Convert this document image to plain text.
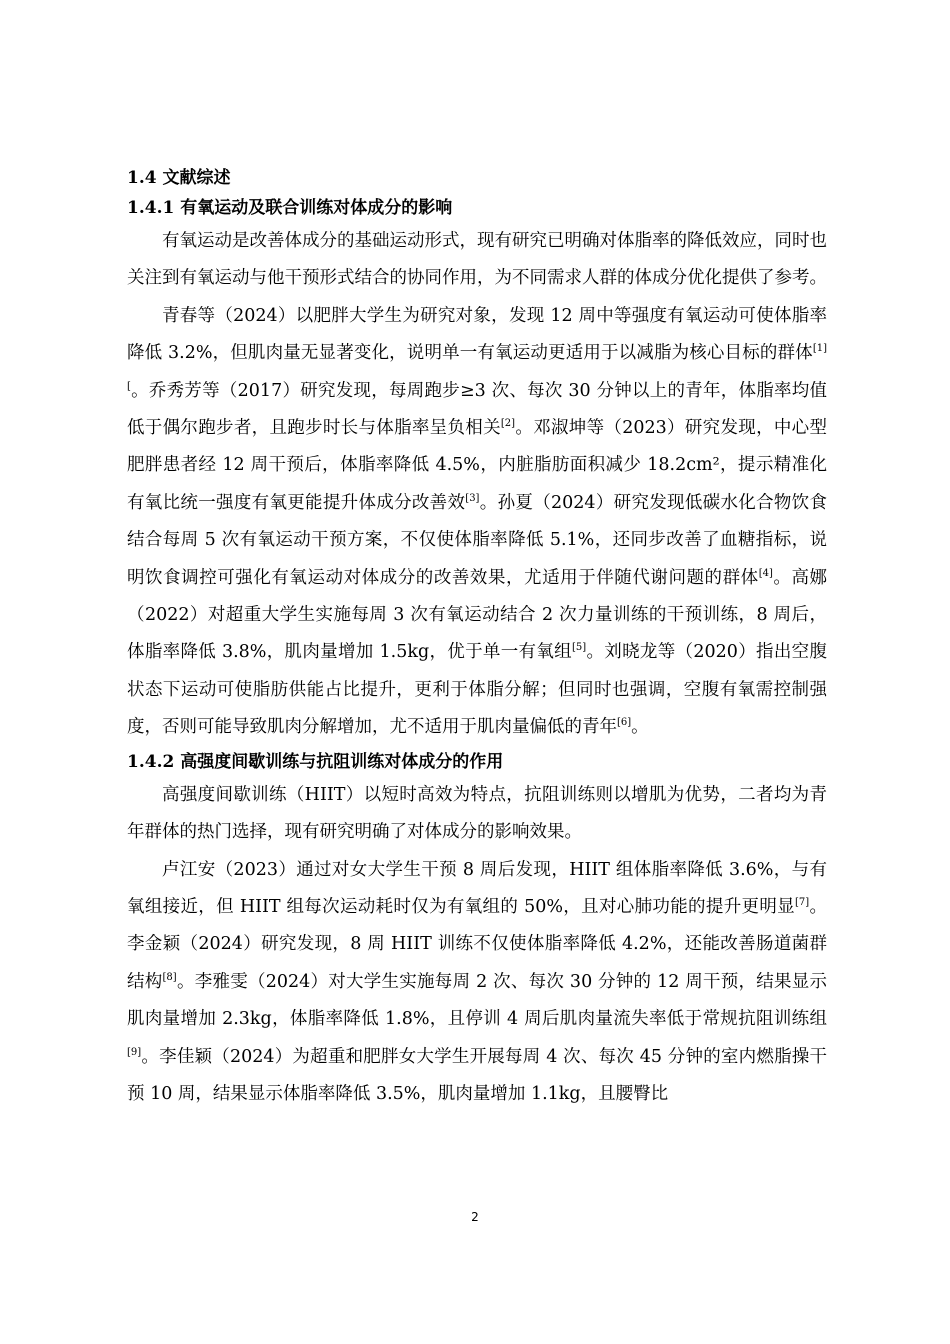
1.4 文献综述
1.4.1 有氧运动及联合训练对体成分的影响

有氧运动是改善体成分的基础运动形式，现有研究已明确对体脂率的降低效应，同时也关注到有氧运动与他干预形式结合的协同作用，为不同需求人群的体成分优化提供了参考。

青春等（2024）以肥胖大学生为研究对象，发现 12 周中等强度有氧运动可使体脂率降低 3.2%，但肌肉量无显著变化，说明单一有氧运动更适用于以减脂为核心目标的群体$^{[1][}$。乔秀芳等（2017）研究发现，每周跑步≥3 次、每次 30 分钟以上的青年，体脂率均值低于偶尔跑步者，且跑步时长与体脂率呈负相关[2]。邓淑坤等（2023）研究发现，中心型肥胖患者经 12 周干预后，体脂率降低 4.5%，内脏脂肪面积减少 18.2cm²，提示精准化有氧比统一强度有氧更能提升体成分改善效[3]。孙夏（2024）研究发现低碳水化合物饮食结合每周 5 次有氧运动干预方案，不仅使体脂率降低 5.1%，还同步改善了血糖指标，说明饮食调控可强化有氧运动对体成分的改善效果，尤适用于伴随代谢问题的群体[4]。高娜（2022）对超重大学生实施每周 3 次有氧运动结合 2 次力量训练的干预训练，8 周后，体脂率降低 3.8%，肌肉量增加 1.5kg，优于单一有氧组[5]。刘晓龙等（2020）指出空腹状态下运动可使脂肪供能占比提升，更利于体脂分解；但同时也强调，空腹有氧需控制强度，否则可能导致肌肉分解增加，尤不适用于肌肉量偏低的青年[6]。

1.4.2 高强度间歇训练与抗阻训练对体成分的作用

高强度间歇训练（HIIT）以短时高效为特点，抗阻训练则以增肌为优势，二者均为青年群体的热门选择，现有研究明确了对体成分的影响效果。

卢江安（2023）通过对女大学生干预 8 周后发现，HIIT 组体脂率降低 3.6%，与有氧组接近，但 HIIT 组每次运动耗时仅为有氧组的 50%，且对心肺功能的提升更明显[7]。李金颖（2024）研究发现，8 周 HIIT 训练不仅使体脂率降低 4.2%，还能改善肠道菌群结构[8]。李雅雯（2024）对大学生实施每周 2 次、每次 30 分钟的 12 周干预，结果显示肌肉量增加 2.3kg，体脂率降低 1.8%，且停训 4 周后肌肉量流失率低于常规抗阻训练组[9]。李佳颖（2024）为超重和肥胖女大学生开展每周 4 次、每次 45 分钟的室内燃脂操干预 10 周，结果显示体脂率降低 3.5%，肌肉量增加 1.1kg，且腰臀比

2
